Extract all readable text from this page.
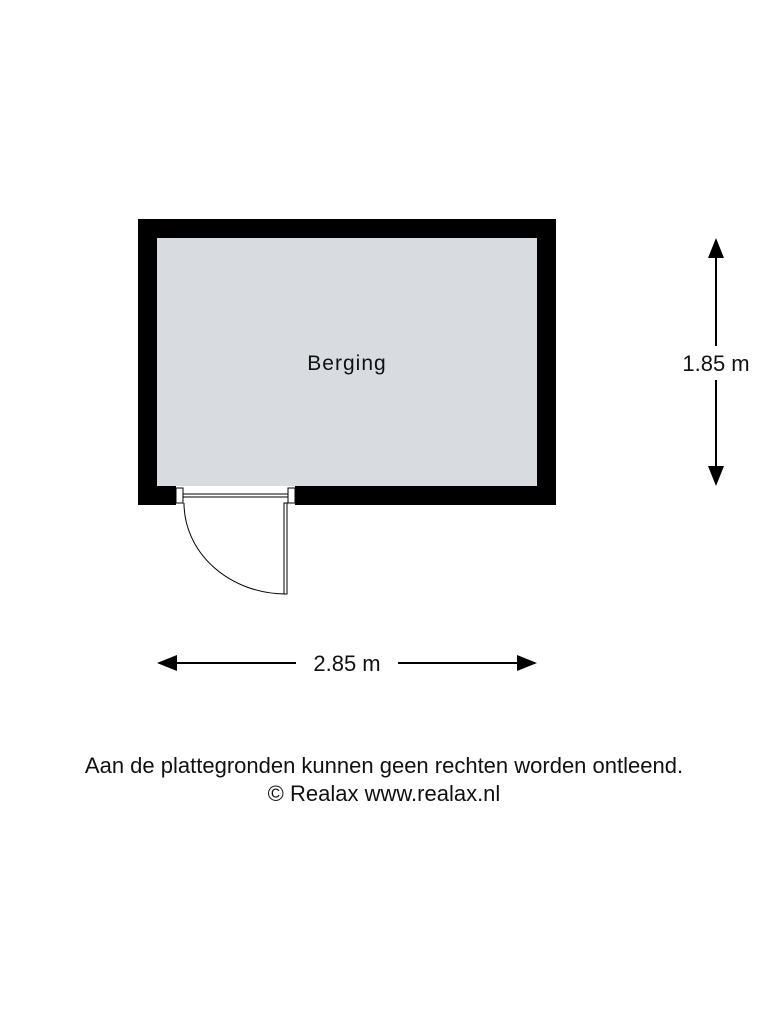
Berging	1.85 m
2.85 m
Aan de plattegronden kunnen geen rechten worden ontleend.
© Realax www.realax.nl
